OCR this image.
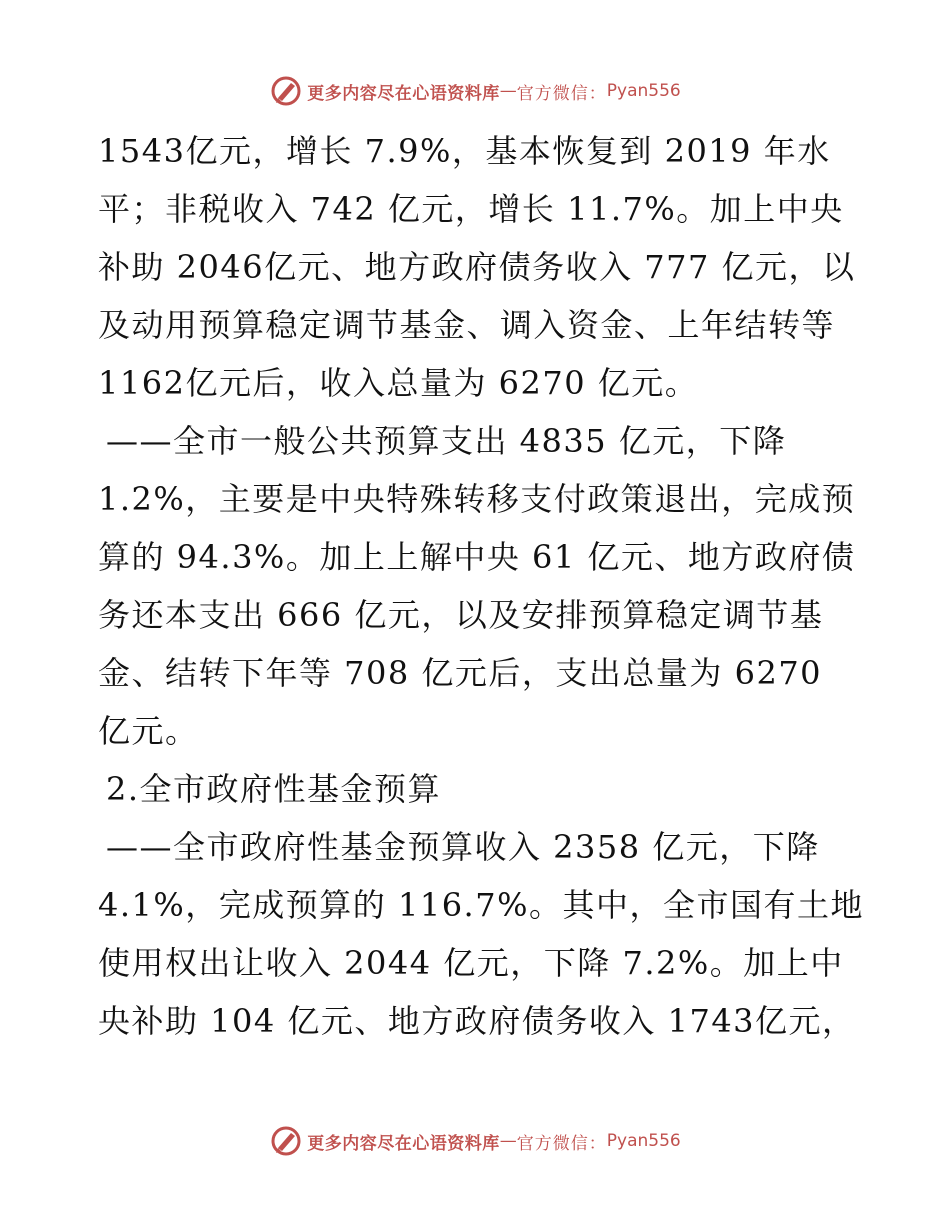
更多内容尽在心语资料库 — 官方微信： Pyan556
1543亿元，增长 7.9%，基本恢复到 2019 年水
平；非税收入 742 亿元，增长 11.7%。加上中央
补助 2046亿元、地方政府债务收入 777 亿元，以
及动用预算稳定调节基金、调入资金、上年结转等
1162亿元后，收入总量为 6270 亿元。
——全市一般公共预算支出 4835 亿元，下降
1.2%，主要是中央特殊转移支付政策退出，完成预
算的 94.3%。加上上解中央 61 亿元、地方政府债
务还本支出 666 亿元，以及安排预算稳定调节基
金、结转下年等 708 亿元后，支出总量为 6270
亿元。
2.全市政府性基金预算
——全市政府性基金预算收入 2358 亿元，下降
4.1%，完成预算的 116.7%。其中，全市国有土地
使用权出让收入 2044 亿元，下降 7.2%。加上中
央补助 104 亿元、地方政府债务收入 1743亿元，
更多内容尽在心语资料库 — 官方微信： Pyan556
